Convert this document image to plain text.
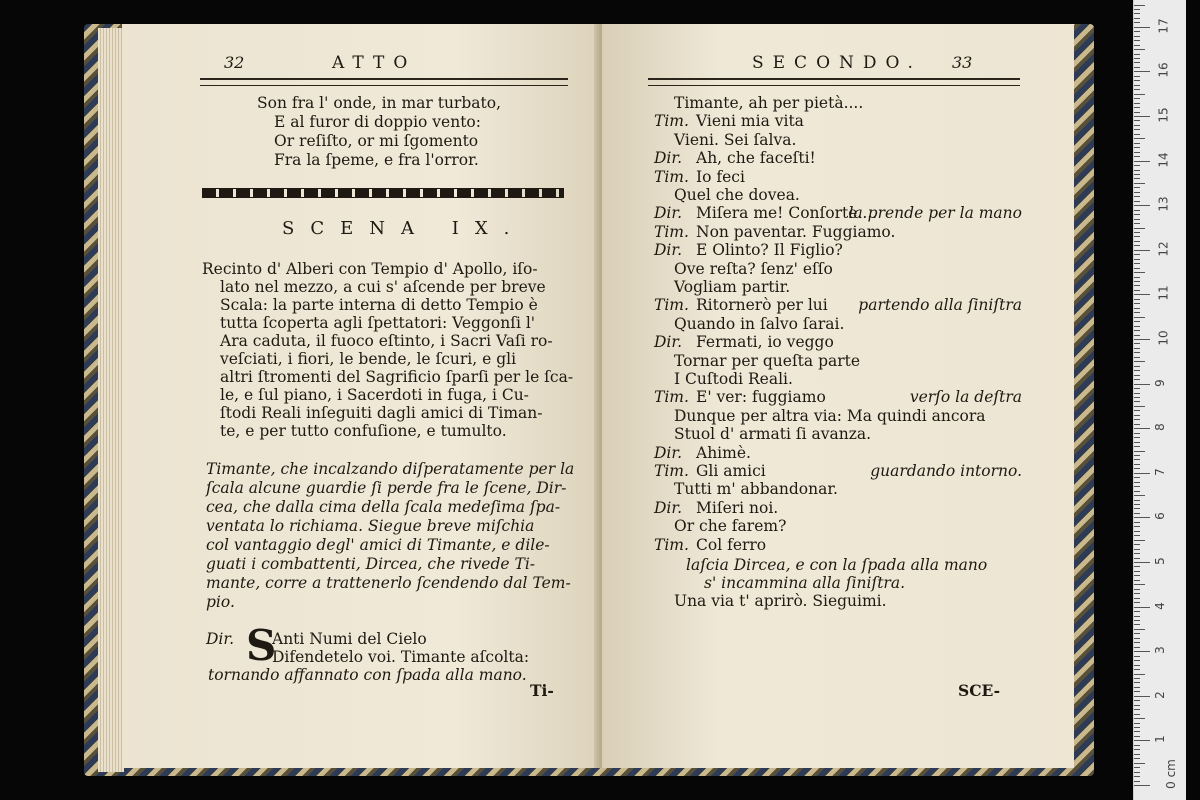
32	ATTO
Son fra l' onde, in mar turbato,
E al furor di doppio vento:
Or reſiſto, or mi ſgomento
Fra la ſpeme, e fra l'orror.
SCENA IX.
Recinto d' Alberi con Tempio d' Apollo, iſo-
lato nel mezzo, a cui s' aſcende per breve
Scala: la parte interna di detto Tempio è
tutta ſcoperta agli ſpettatori: Veggonſi l'
Ara caduta, il fuoco eſtinto, i Sacri Vaſi ro-
veſciati, i fiori, le bende, le ſcuri, e gli
altri ſtromenti del Sagrificio ſparſi per le ſca-
le, e ſul piano, i Sacerdoti in fuga, i Cu-
ſtodi Reali inſeguiti dagli amici di Timan-
te, e per tutto confuſione, e tumulto.
Timante, che incalzando diſperatamente per la
ſcala alcune guardie ſi perde fra le ſcene, Dir-
cea, che dalla cima della ſcala medeſima ſpa-
ventata lo richiama. Siegue breve miſchia
col vantaggio degl' amici di Timante, e dile-
guati i combattenti, Dircea, che rivede Ti-
mante, corre a trattenerlo ſcendendo dal Tem-
pio.
Dir. S
Anti Numi del Cielo
Difendetelo voi. Timante aſcolta:
tornando affannato con ſpada alla mano.
Ti-
SECONDO. 33
Timante, ah per pietà....
Tim. Vieni mia vita
Vieni. Sei ſalva.
Dir. Ah, che faceſti!
Tim. Io feci
Quel che dovea.
Dir. Miſera me! Conſorte....
la prende per la mano
Tim. Non paventar. Fuggiamo.
Dir. E Olinto? Il Figlio?
Ove reſta? ſenz' eſſo
Vogliam partir.
Tim. Ritornerò per lui partendo alla ſiniſtra
Quando in ſalvo ſarai.
Dir. Fermati, io veggo
Tornar per queſta parte
I Cuſtodi Reali.
Tim. E' ver: fuggiamo	verſo la deſtra
Dunque per altra via: Ma quindi ancora
Stuol d' armati ſi avanza.
Dir. Ahimè.
Tim. Gli amici	guardando intorno.
Tutti m' abbandonar.
Dir. Miſeri noi.
Or che farem?
Tim. Col ferro
laſcia Dircea, e con la ſpada alla mano
s' incammina alla ſiniſtra.
Una via t' aprirò. Sieguimi.
SCE-
0 cm
1
2
3
4
5
6
7
8
9
10
11
12
13
14
15
16
17
